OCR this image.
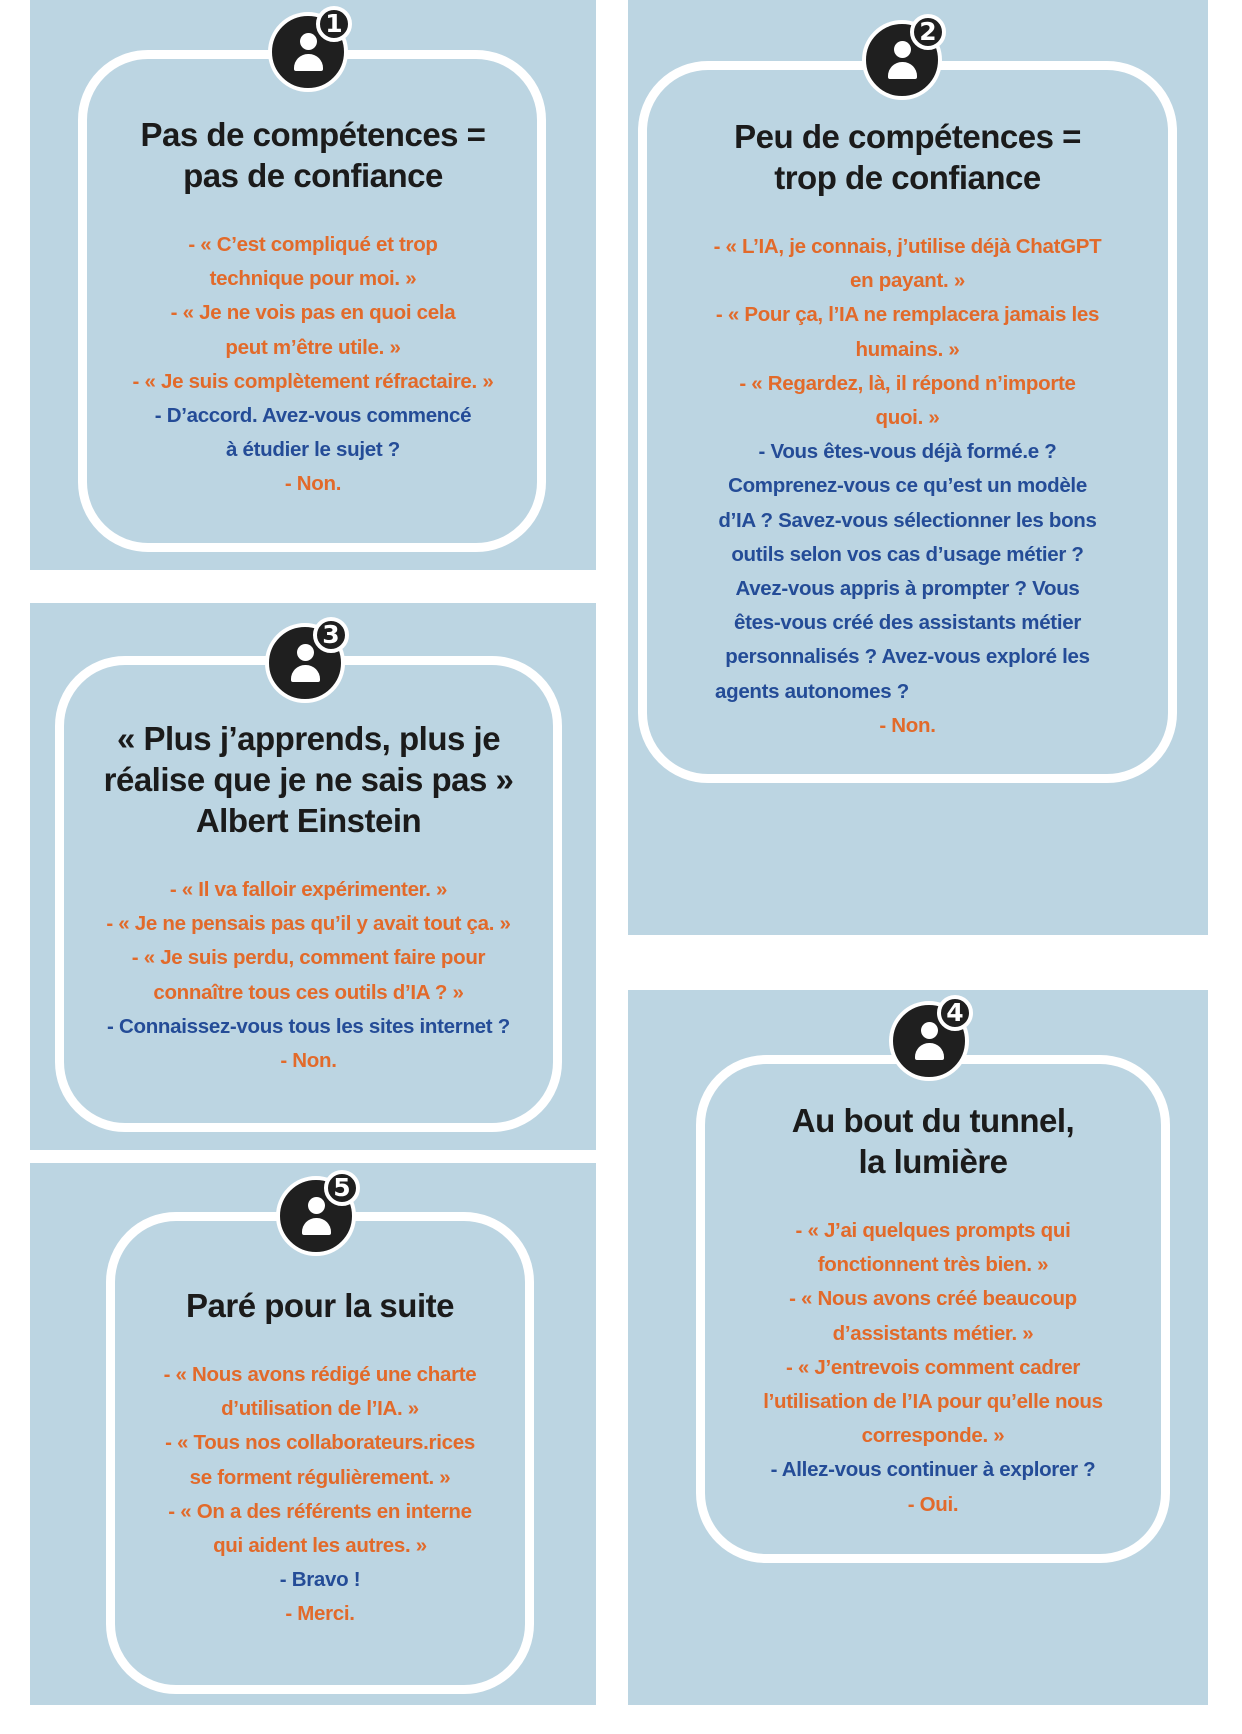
1
Pas de compétences =
pas de confiance
- « C’est compliqué et trop
technique pour moi. »
- « Je ne vois pas en quoi cela
peut m’être utile. »
- « Je suis complètement réfractaire. »
- D’accord. Avez-vous commencé
à étudier le sujet ?
- Non.
2
Peu de compétences =
trop de confiance
- « L’IA, je connais, j’utilise déjà ChatGPT
en payant. »
- « Pour ça, l’IA ne remplacera jamais les
humains. »
- « Regardez, là, il répond n’importe
quoi. »
- Vous êtes-vous déjà formé.e ?
Comprenez-vous ce qu’est un modèle
d’IA ? Savez-vous sélectionner les bons
outils selon vos cas d’usage métier ?
Avez-vous appris à prompter ? Vous
êtes-vous créé des assistants métier
personnalisés ? Avez-vous exploré les
agents autonomes ?
- Non.
3
« Plus j’apprends, plus je
réalise que je ne sais pas »
Albert Einstein
- « Il va falloir expérimenter. »
- « Je ne pensais pas qu’il y avait tout ça. »
- « Je suis perdu, comment faire pour
connaître tous ces outils d’IA ? »
- Connaissez-vous tous les sites internet ?
- Non.
4
Au bout du tunnel,
la lumière
- « J’ai quelques prompts qui
fonctionnent très bien. »
- « Nous avons créé beaucoup
d’assistants métier. »
- « J’entrevois comment cadrer
l’utilisation de l’IA pour qu’elle nous
corresponde. »
- Allez-vous continuer à explorer ?
- Oui.
5
Paré pour la suite
- « Nous avons rédigé une charte
d’utilisation de l’IA. »
- « Tous nos collaborateurs.rices
se forment régulièrement. »
- « On a des référents en interne
qui aident les autres. »
- Bravo !
- Merci.
